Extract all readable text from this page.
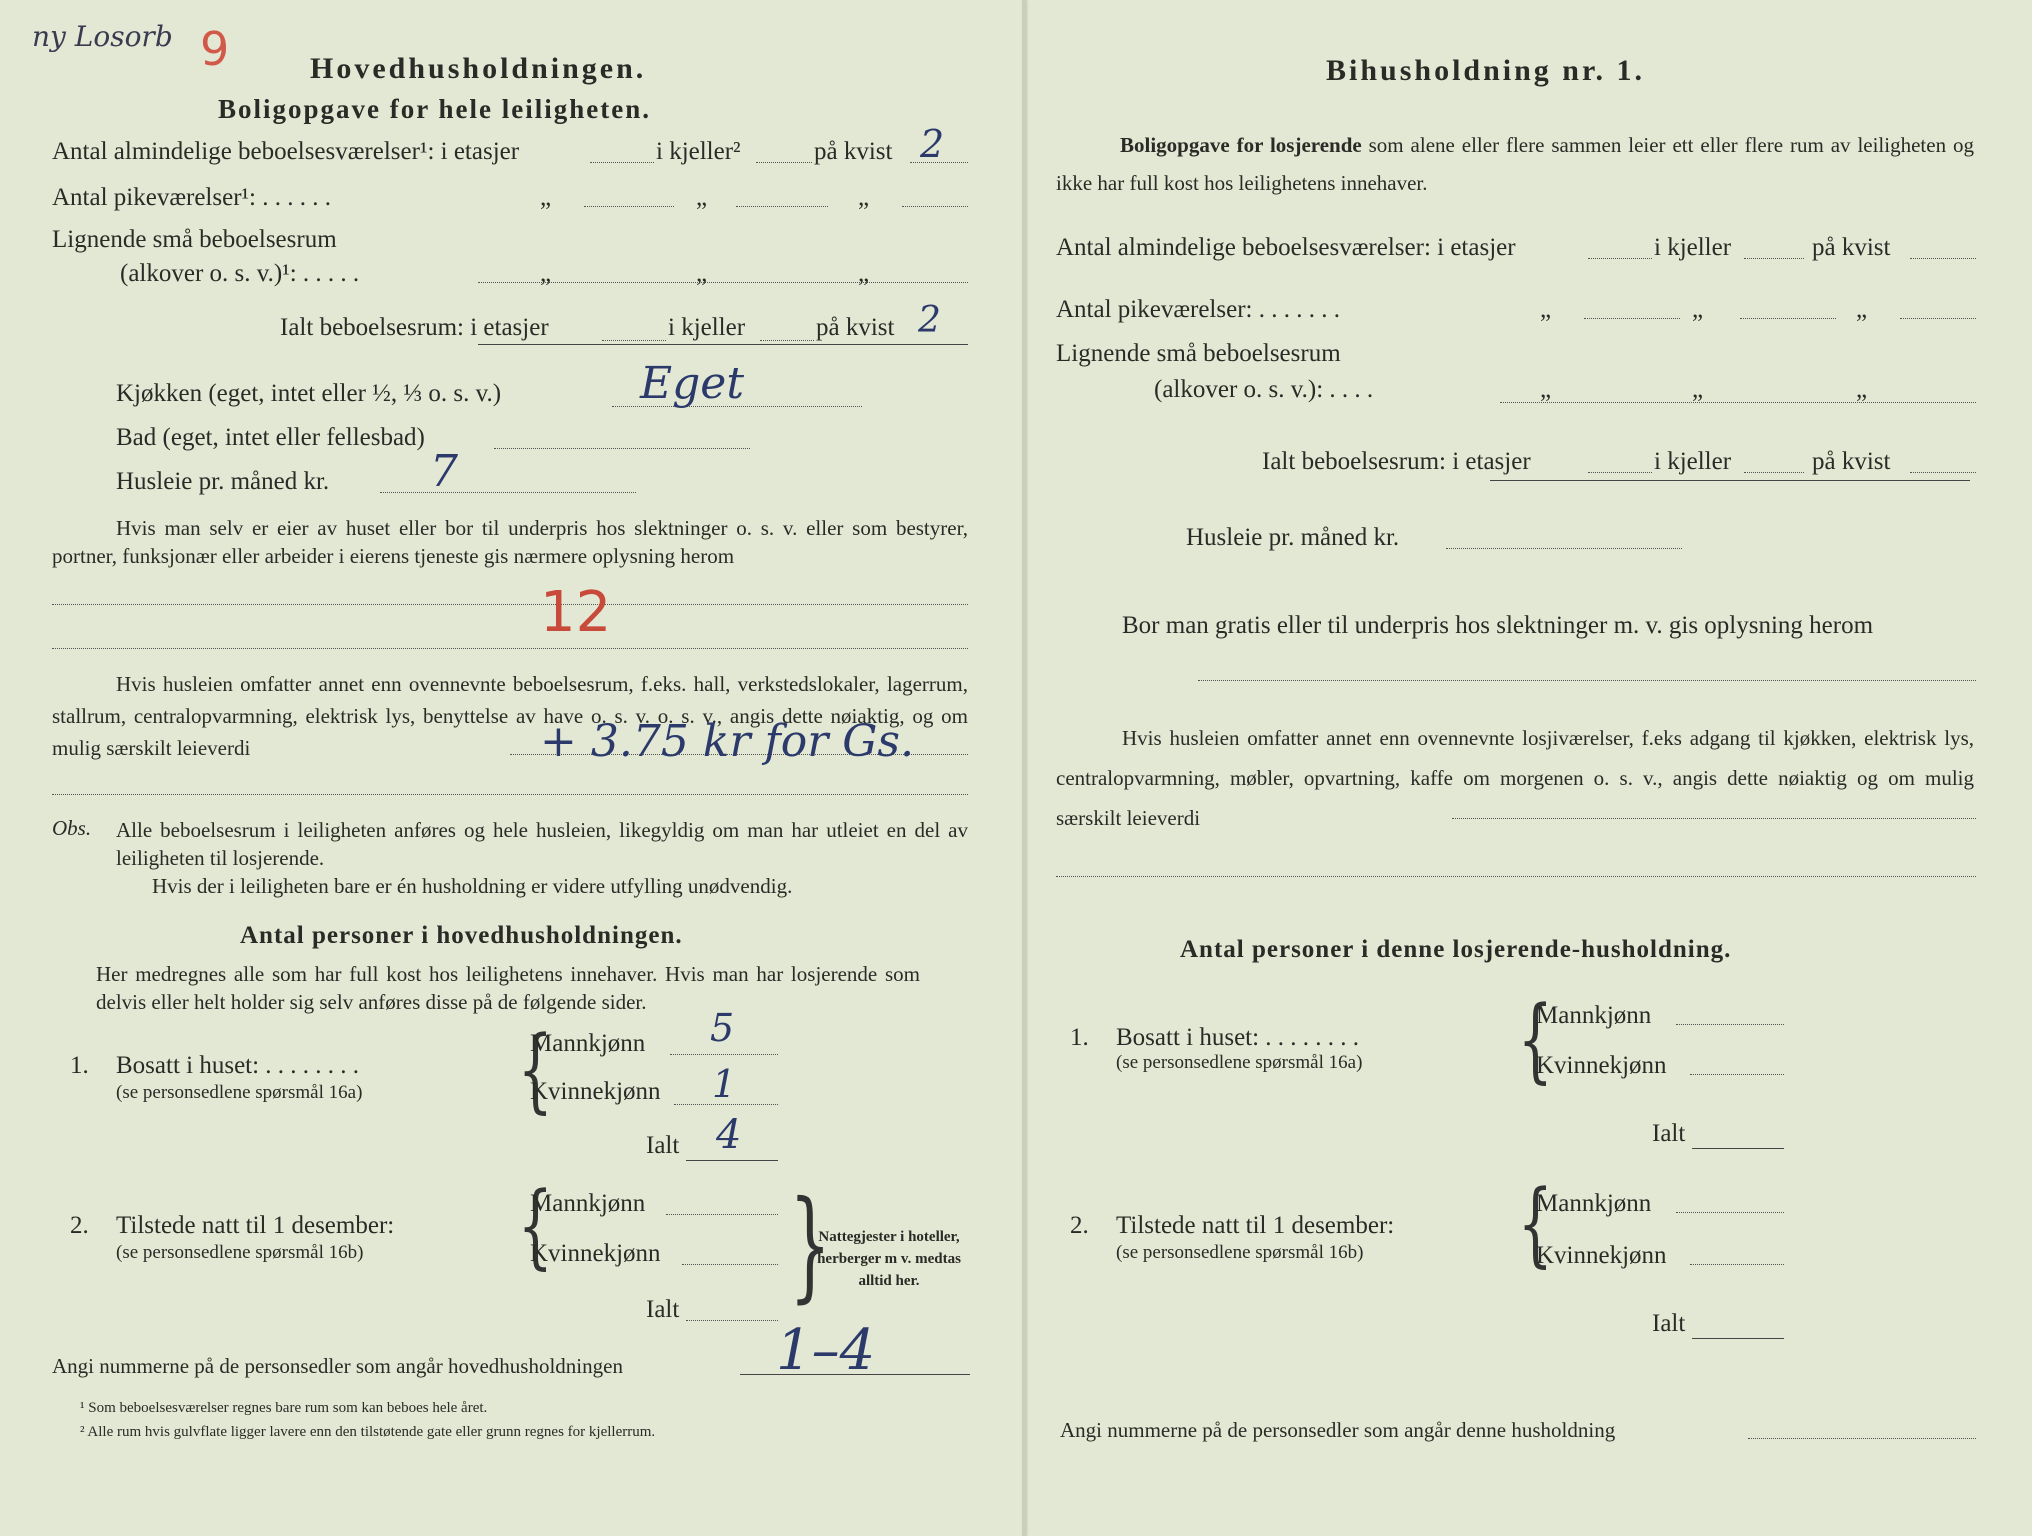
ny Losorb 9	Hovedhusholdningen.
Boligopgave for hele leiligheten.
Antal almindelige beboelsesværelser¹: i etasjer	i kjeller²	på kvist 2
Antal pikeværelser¹: . . . . . .	„	„	„
Lignende små beboelsesrum
(alkover o. s. v.)¹: . . . . .	„	„	„
Ialt beboelsesrum: i etasjer	i kjeller	på kvist 2
Kjøkken (eget, intet eller ½, ⅓ o. s. v.)	Eget
Bad (eget, intet eller fellesbad)
Husleie pr. måned kr. 7
Hvis man selv er eier av huset eller bor til underpris hos slektninger o. s. v. eller som bestyrer, portner, funksjonær eller arbeider i eierens tjeneste gis nærmere oplysning herom
12
Hvis husleien omfatter annet enn ovennevnte beboelsesrum, f.eks. hall, verkstedslokaler, lagerrum, stallrum, centralopvarmning, elektrisk lys, benyttelse av have o. s. v. o. s. v., angis dette nøiaktig, og om mulig særskilt leieverdi	+ 3.75 kr for Gs.
Obs. Alle beboelsesrum i leiligheten anføres og hele husleien, likegyldig om man har utleiet en del av leiligheten til losjerende.
Hvis der i leiligheten bare er én husholdning er videre utfylling unødvendig.
Antal personer i hovedhusholdningen.
Her medregnes alle som har full kost hos leilighetens innehaver. Hvis man har losjerende som delvis eller helt holder sig selv anføres disse på de følgende sider.
1. Bosatt i huset: . . . . . . . .
(se personsedlene spørsmål 16a) {
Mannkjønn 5
Kvinnekjønn 1
Ialt 4
2. Tilstede natt til 1 desember:
(se personsedlene spørsmål 16b) {
Mannkjønn
Kvinnekjønn
Ialt }
Nattegjester i hoteller, herberger m v. medtas alltid her.
Angi nummerne på de personsedler som angår hovedhusholdningen	1–4
¹ Som beboelsesværelser regnes bare rum som kan beboes hele året.
² Alle rum hvis gulvflate ligger lavere enn den tilstøtende gate eller grunn regnes for kjellerrum.
Bihusholdning nr. 1.
Boligopgave for losjerende som alene eller flere sammen leier ett eller flere rum av leiligheten og ikke har full kost hos leilighetens innehaver.
Antal almindelige beboelsesværelser: i etasjer	i kjeller	på kvist
Antal pikeværelser: . . . . . . .	„	„	„
Lignende små beboelsesrum
(alkover o. s. v.): . . . .	„	„	„
Ialt beboelsesrum: i etasjer	i kjeller	på kvist
Husleie pr. måned kr.
Bor man gratis eller til underpris hos slektninger m. v. gis oplysning herom
Hvis husleien omfatter annet enn ovennevnte losjiværelser, f.eks adgang til kjøkken, elektrisk lys, centralopvarmning, møbler, opvartning, kaffe om morgenen o. s. v., angis dette nøiaktig og om mulig særskilt leieverdi
Antal personer i denne losjerende-husholdning.
1. Bosatt i huset: . . . . . . . .
(se personsedlene spørsmål 16a) {
Mannkjønn
Kvinnekjønn
Ialt
2. Tilstede natt til 1 desember:
(se personsedlene spørsmål 16b) {
Mannkjønn
Kvinnekjønn
Ialt
Angi nummerne på de personsedler som angår denne husholdning
